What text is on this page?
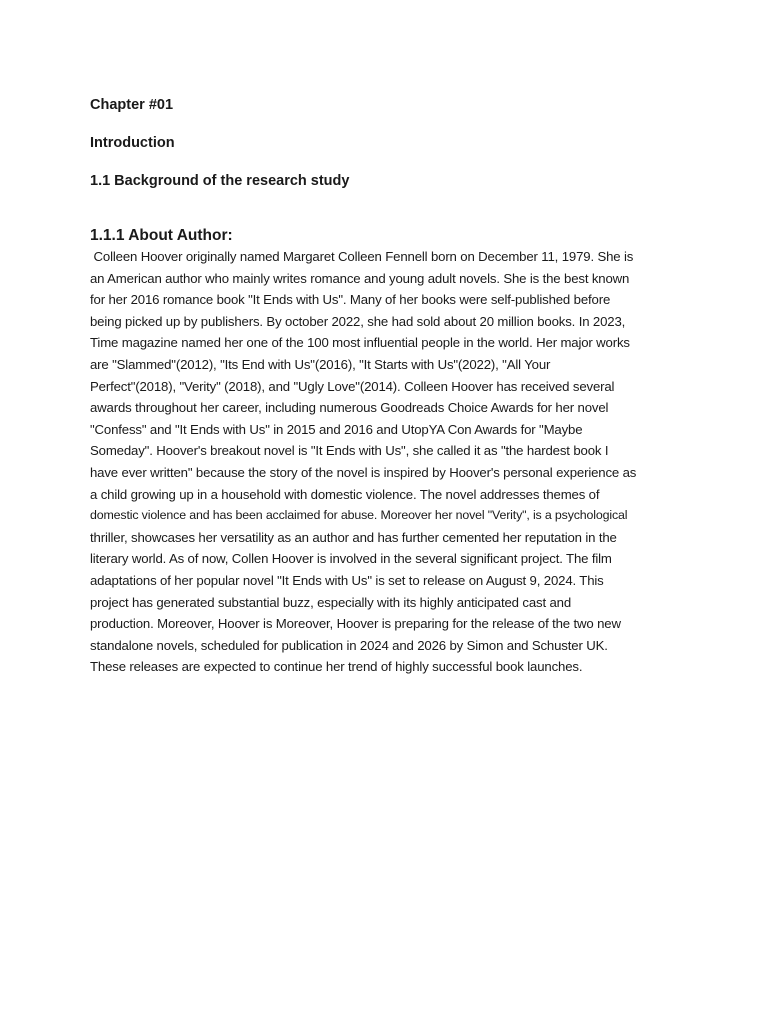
Chapter #01

Introduction

1.1 Background of the research study

1.1.1 About Author:

Colleen Hoover originally named Margaret Colleen Fennell born on December 11, 1979. She is
an American author who mainly writes romance and young adult novels. She is the best known
for her 2016 romance book "It Ends with Us". Many of her books were self-published before
being picked up by publishers. By october 2022, she had sold about 20 million books. In 2023,
Time magazine named her one of the 100 most influential people in the world. Her major works
are "Slammed"(2012), "Its End with Us"(2016), "It Starts with Us"(2022), "All Your
Perfect"(2018), "Verity" (2018), and "Ugly Love"(2014). Colleen Hoover has received several
awards throughout her career, including numerous Goodreads Choice Awards for her novel
"Confess" and "It Ends with Us" in 2015 and 2016 and UtopYA Con Awards for "Maybe
Someday". Hoover's breakout novel is "It Ends with Us", she called it as "the hardest book I
have ever written" because the story of the novel is inspired by Hoover's personal experience as
a child growing up in a household with domestic violence. The novel addresses themes of
domestic violence and has been acclaimed for abuse. Moreover her novel "Verity", is a psychological
thriller, showcases her versatility as an author and has further cemented her reputation in the
literary world. As of now, Collen Hoover is involved in the several significant project. The film
adaptations of her popular novel "It Ends with Us" is set to release on August 9, 2024. This
project has generated substantial buzz, especially with its highly anticipated cast and
production. Moreover, Hoover is Moreover, Hoover is preparing for the release of the two new
standalone novels, scheduled for publication in 2024 and 2026 by Simon and Schuster UK.
These releases are expected to continue her trend of highly successful book launches.
